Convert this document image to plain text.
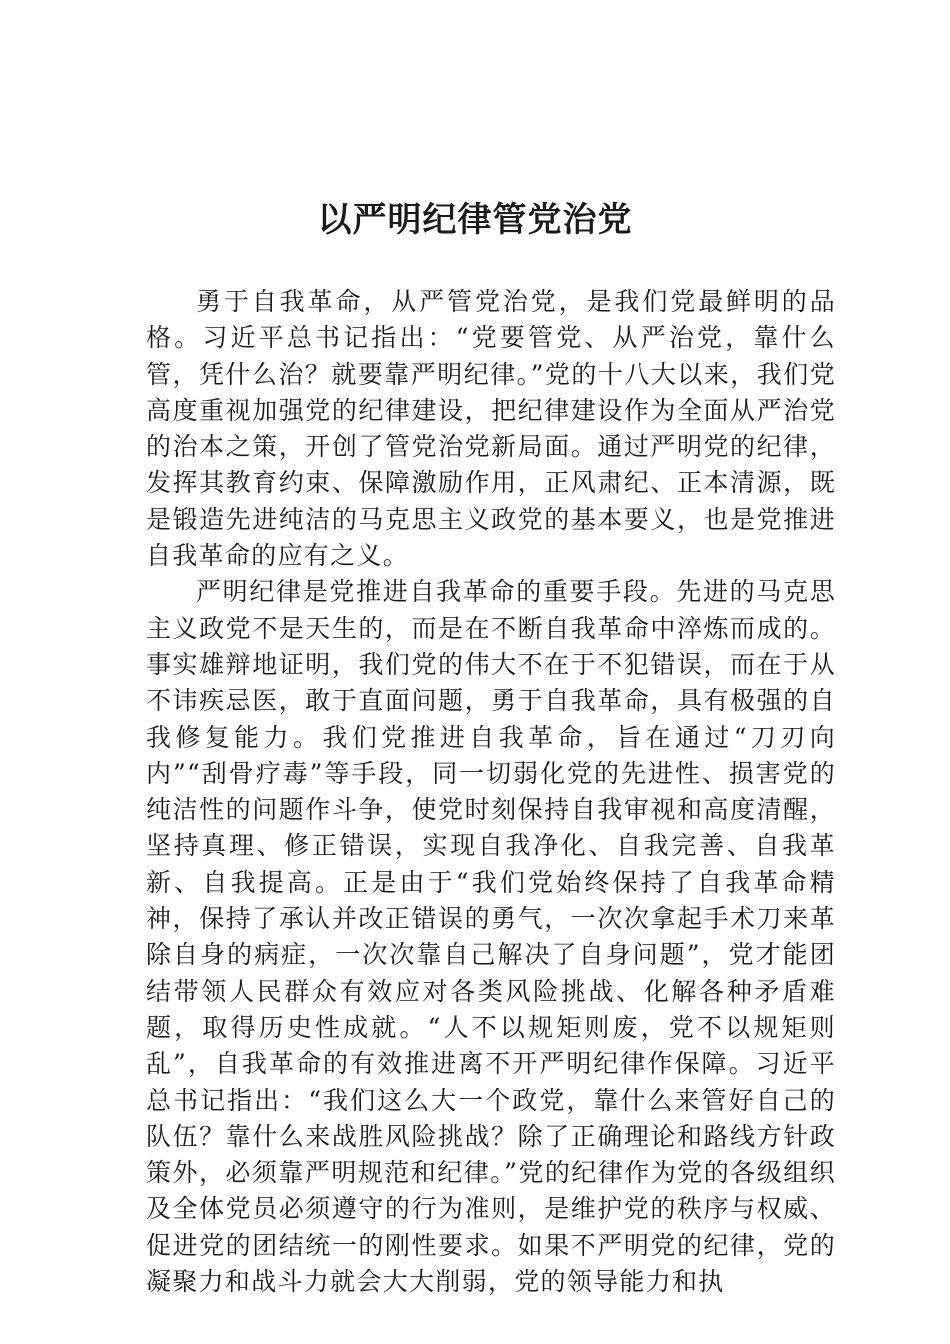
以严明纪律管党治党

勇于自我革命，从严管党治党，是我们党最鲜明的品格。习近平总书记指出：“党要管党、从严治党，靠什么管，凭什么治？就要靠严明纪律。”党的十八大以来，我们党高度重视加强党的纪律建设，把纪律建设作为全面从严治党的治本之策，开创了管党治党新局面。通过严明党的纪律，发挥其教育约束、保障激励作用，正风肃纪、正本清源，既是锻造先进纯洁的马克思主义政党的基本要义，也是党推进自我革命的应有之义。

严明纪律是党推进自我革命的重要手段。先进的马克思主义政党不是天生的，而是在不断自我革命中淬炼而成的。事实雄辩地证明，我们党的伟大不在于不犯错误，而在于从不讳疾忌医，敢于直面问题，勇于自我革命，具有极强的自我修复能力。我们党推进自我革命，旨在通过“刀刃向内”“刮骨疗毒”等手段，同一切弱化党的先进性、损害党的纯洁性的问题作斗争，使党时刻保持自我审视和高度清醒，坚持真理、修正错误，实现自我净化、自我完善、自我革新、自我提高。正是由于“我们党始终保持了自我革命精神，保持了承认并改正错误的勇气，一次次拿起手术刀来革除自身的病症，一次次靠自己解决了自身问题”，党才能团结带领人民群众有效应对各类风险挑战、化解各种矛盾难题，取得历史性成就。“人不以规矩则废，党不以规矩则乱”，自我革命的有效推进离不开严明纪律作保障。习近平总书记指出：“我们这么大一个政党，靠什么来管好自己的队伍？靠什么来战胜风险挑战？除了正确理论和路线方针政策外，必须靠严明规范和纪律。”党的纪律作为党的各级组织及全体党员必须遵守的行为准则，是维护党的秩序与权威、促进党的团结统一的刚性要求。如果不严明党的纪律，党的凝聚力和战斗力就会大大削弱，党的领导能力和执
